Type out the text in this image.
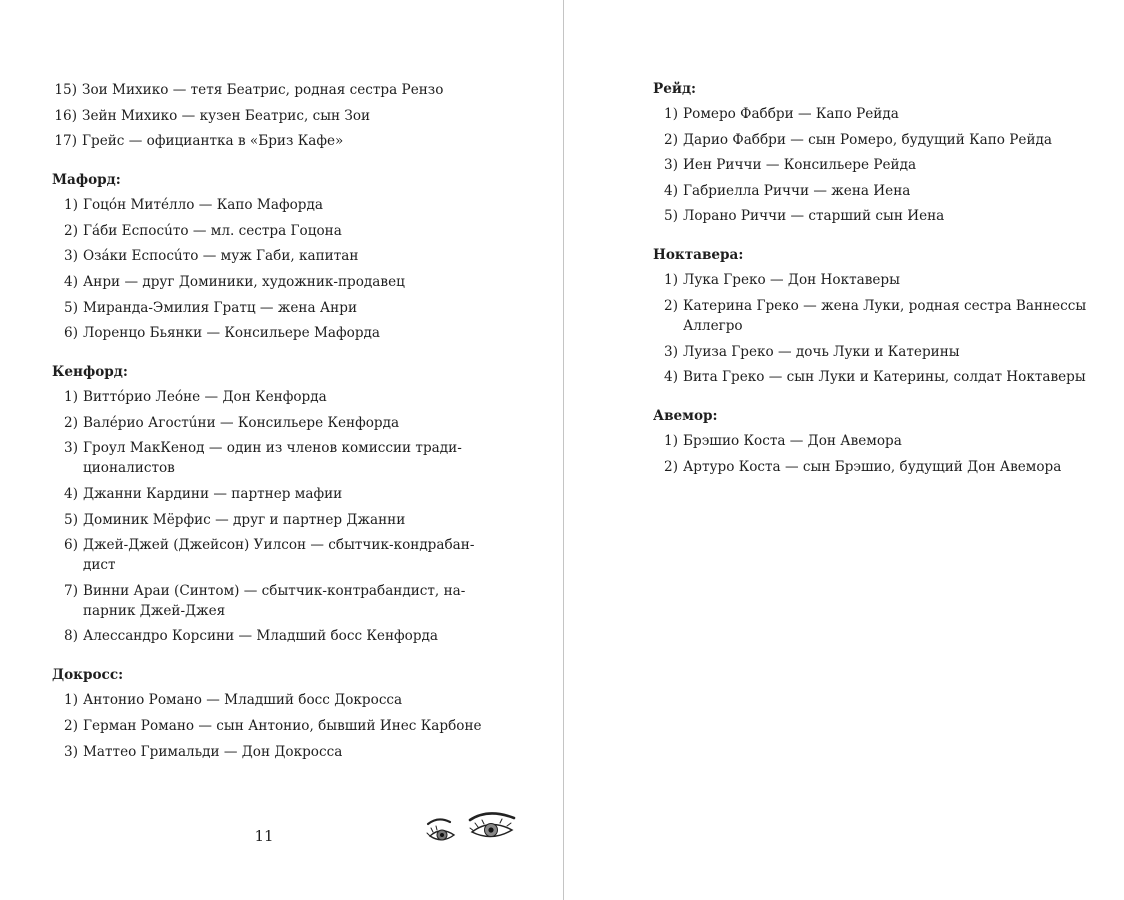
15) Зои Михико — тетя Беатрис, родная сестра Рензо
16) Зейн Михико — кузен Беатрис, сын Зои
17) Грейс — официантка в «Бриз Кафе»
Мафорд:
1) Гоцóн Митéлло — Капо Мафорда
2) Гáби Еспосúто — мл. сестра Гоцона
3) Озáки Еспосúто — муж Габи, капитан
4) Анри — друг Доминики, художник-продавец
5) Миранда-Эмилия Гратц — жена Анри
6) Лоренцо Бьянки — Консильере Мафорда
Кенфорд:
1) Виттóрио Леóне — Дон Кенфорда
2) Валéрио Агостúни — Консильере Кенфорда
3) Гроул МакКенод — один из членов комиссии тради-ционалистов
4) Джанни Кардини — партнер мафии
5) Доминик Мёрфис — друг и партнер Джанни
6) Джей-Джей (Джейсон) Уилсон — сбытчик-кондрабан-дист
7) Винни Араи (Синтом) — сбытчик-контрабандист, на-парник Джей-Джея
8) Алессандро Корсини — Младший босс Кенфорда
Докросс:
1) Антонио Романо — Младший босс Докросса
2) Герман Романо — сын Антонио, бывший Инес Карбоне
3) Маттео Гримальди — Дон Докросса
11
Рейд:
1) Ромеро Фаббри — Капо Рейда
2) Дарио Фаббри — сын Ромеро, будущий Капо Рейда
3) Иен Риччи — Консильере Рейда
4) Габриелла Риччи — жена Иена
5) Лорано Риччи — старший сын Иена
Ноктавера:
1) Лука Греко — Дон Ноктаверы
2) Катерина Греко — жена Луки, родная сестра Ваннессы Аллегро
3) Луиза Греко — дочь Луки и Катерины
4) Вита Греко — сын Луки и Катерины, солдат Ноктаверы
Авемор:
1) Брэшио Коста — Дон Авемора
2) Артуро Коста — сын Брэшио, будущий Дон Авемора
